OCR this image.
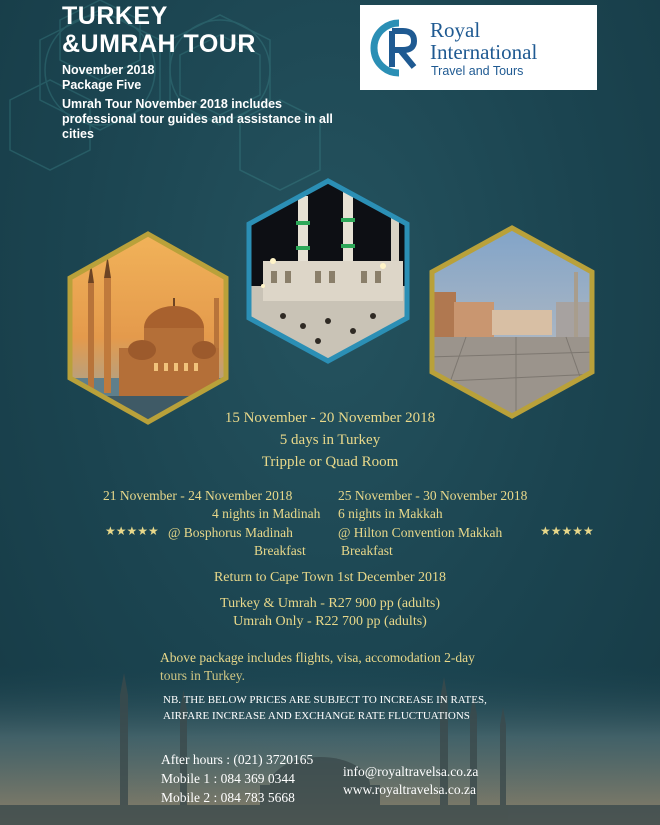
TURKEY
&UMRAH TOUR
November 2018
Package Five
Umrah Tour November 2018 includes professional tour guides and assistance in all cities
Royal
International
Travel and Tours
15 November - 20 November 2018
5 days in Turkey
Tripple or Quad Room
21 November - 24 November 2018
4 nights in Madinah
★★★★★ @ Bosphorus Madinah
Breakfast
25 November - 30 November 2018
6 nights in Makkah
@ Hilton Convention Makkah	★★★★★
Breakfast
Return to Cape Town 1st December 2018
Turkey & Umrah - R27 900 pp (adults)
Umrah Only - R22 700 pp (adults)
Above package includes flights, visa, accomodation 2-day
NB. THE BELOW PRICES ARE SUBJECT TO INCREASE IN RATES,
AIRFARE INCREASE AND EXCHANGE RATE FLUCTUATIONS
After hours : (021) 3720165
Mobile 1 : 084 369 0344
Mobile 2 : 084 783 5668
info@royaltravelsa.co.za
www.royaltravelsa.co.za
